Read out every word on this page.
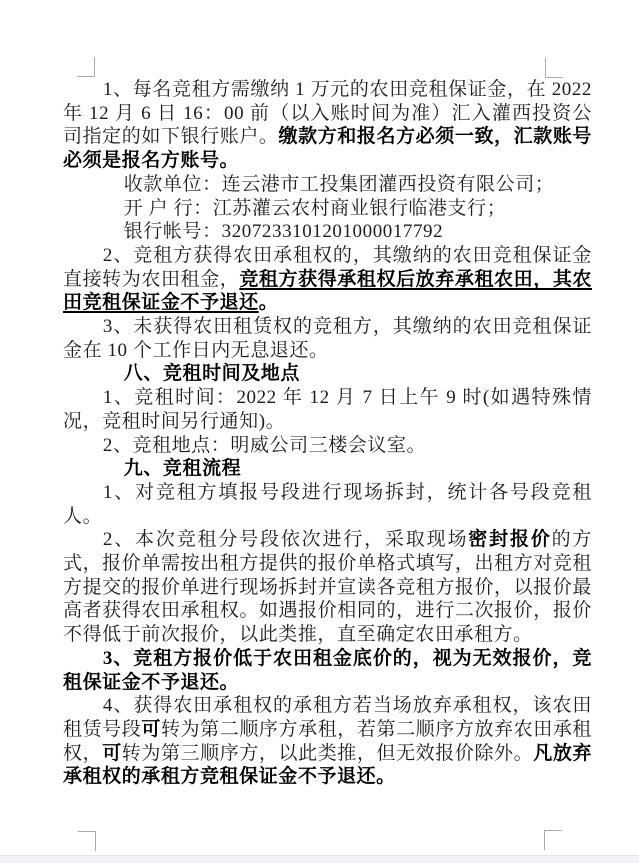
1、每名竞租方需缴纳 1 万元的农田竞租保证金，在 2022 年 12 月 6 日 16：00 前（以入账时间为准）汇入灌西投资公司指定的如下银行账户。缴款方和报名方必须一致，汇款账号必须是报名方账号。

收款单位：连云港市工投集团灌西投资有限公司；

开 户 行：江苏灌云农村商业银行临港支行；

银行帐号：3207233101201000017792

2、竞租方获得农田承租权的，其缴纳的农田竞租保证金直接转为农田租金，竞租方获得承租权后放弃承租农田，其农田竞租保证金不予退还。

3、未获得农田租赁权的竞租方，其缴纳的农田竞租保证金在 10 个工作日内无息退还。

八、竞租时间及地点

1、竞租时间：2022 年 12 月 7 日上午 9 时(如遇特殊情况，竞租时间另行通知)。

2、竞租地点：明威公司三楼会议室。

九、竞租流程

1、对竞租方填报号段进行现场拆封，统计各号段竞租人。

2、本次竞租分号段依次进行，采取现场密封报价的方式，报价单需按出租方提供的报价单格式填写，出租方对竞租方提交的报价单进行现场拆封并宣读各竞租方报价，以报价最高者获得农田承租权。如遇报价相同的，进行二次报价，报价不得低于前次报价，以此类推，直至确定农田承租方。

3、竞租方报价低于农田租金底价的，视为无效报价，竞租保证金不予退还。

4、获得农田承租权的承租方若当场放弃承租权，该农田租赁号段可转为第二顺序方承租，若第二顺序方放弃农田承租权，可转为第三顺序方，以此类推，但无效报价除外。凡放弃承租权的承租方竞租保证金不予退还。
